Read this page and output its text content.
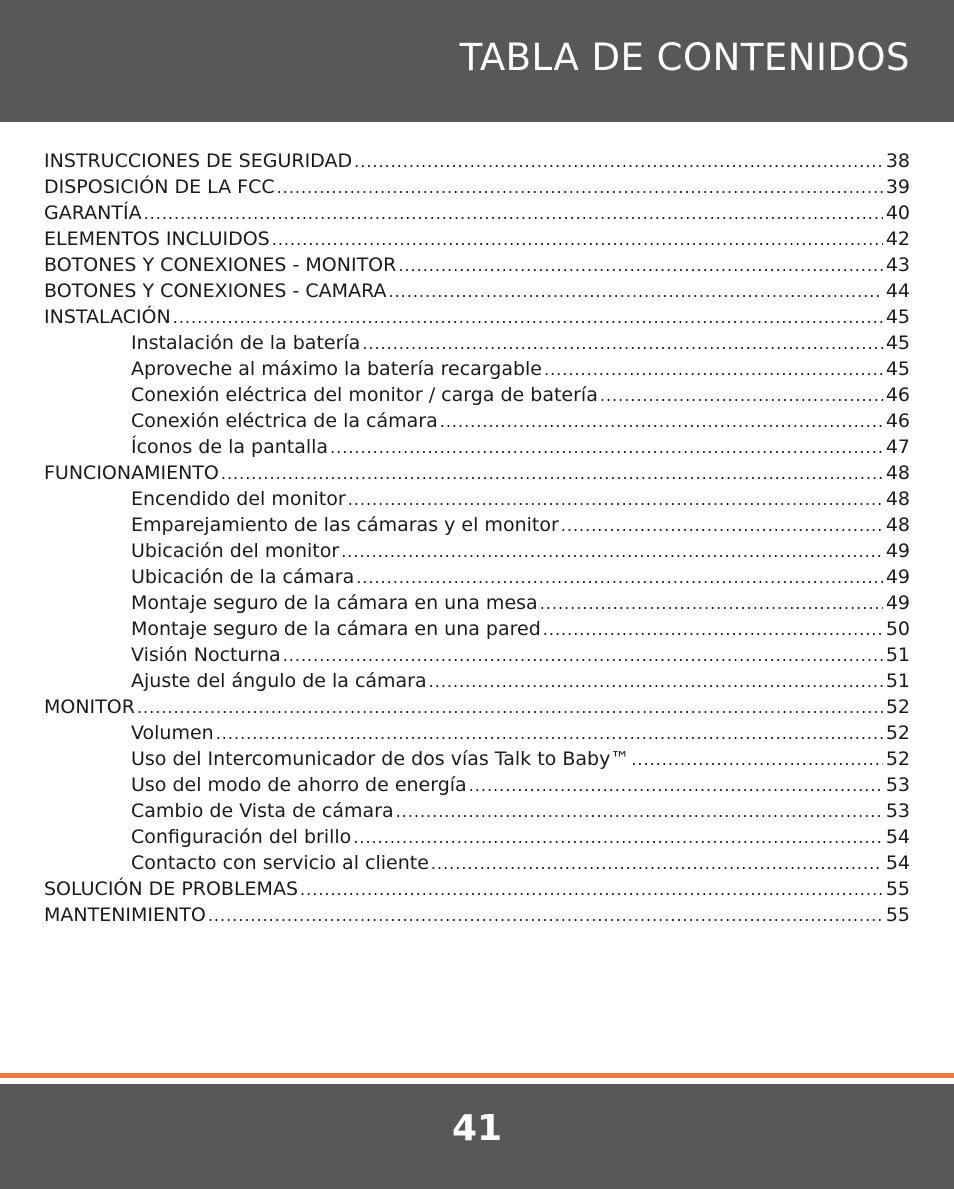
TABLA DE CONTENIDOS
INSTRUCCIONES DE SEGURIDAD .....	38
DISPOSICIÓN DE LA FCC .....	39
GARANTÍA .....	40
ELEMENTOS INCLUIDOS .....	42
BOTONES Y CONEXIONES - MONITOR .....	43
BOTONES Y CONEXIONES - CAMARA .....	44
INSTALACIÓN .....	45
Instalación de la batería .....	45
Aproveche al máximo la batería recargable .....	45
Conexión eléctrica del monitor / carga de batería .....	46
Conexión eléctrica de la cámara .....	46
Íconos de la pantalla .....	47
FUNCIONAMIENTO .....	48
Encendido del monitor .....	48
Emparejamiento de las cámaras y el monitor .....	48
Ubicación del monitor .....	49
Ubicación de la cámara .....	49
Montaje seguro de la cámara en una mesa .....	49
Montaje seguro de la cámara en una pared .....	50
Visión Nocturna .....	51
Ajuste del ángulo de la cámara .....	51
MONITOR .....	52
Volumen .....	52
Uso del Intercomunicador de dos vías Talk to Baby™ .....	52
Uso del modo de ahorro de energía .....	53
Cambio de Vista de cámara .....	53
Configuración del brillo .....	54
Contacto con servicio al cliente .....	54
SOLUCIÓN DE PROBLEMAS .....	55
MANTENIMIENTO .....	55
41
